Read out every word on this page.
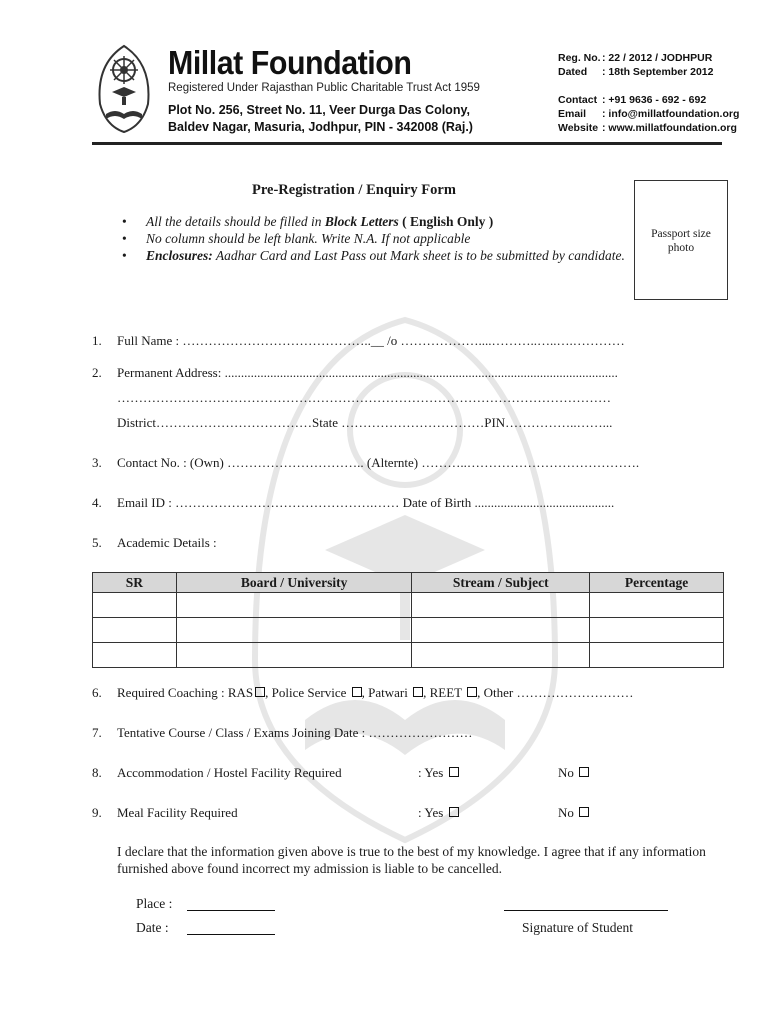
Millat Foundation
Registered Under Rajasthan Public Charitable Trust Act 1959
Plot No. 256, Street No. 11, Veer Durga Das Colony,
Baldev Nagar, Masuria, Jodhpur, PIN - 342008 (Raj.)
Reg. No. : 22 / 2012 / JODHPUR
Dated	: 18th September 2012
Contact : +91 9636 - 692 - 692
Email	: info@millatfoundation.org
Website : www.millatfoundation.org
Pre-Registration / Enquiry Form
• All the details should be filled in Block Letters ( English Only )
• No column should be left blank. Write N.A. If not applicable
• Enclosures: Aadhar Card and Last Pass out Mark sheet is to be submitted by candidate.
Passport size
photo
1. Full Name : ……………………………………..__ /o ………………....………..…..….…………
2. Permanent Address: .........................................................................................................................
……………………………………………………………………………………………………
District………………………………State ……………………………PIN……………..……...
3. Contact No. : (Own) ………………………….. (Alternte) ………..………………………………….
4. Email ID : ……………………………………….…… Date of Birth ...........................................
5. Academic Details :
SR	Board / University	Stream / Subject	Percentage

6. Required Coaching : RAS , Police Service , Patwari , REET , Other ………………………
7. Tentative Course / Class / Exams Joining Date : ……………………
8. Accommodation / Hostel Facility Required	: Yes	No
9. Meal Facility Required	: Yes	No
I declare that the information given above is true to the best of my knowledge. I agree that if any information furnished above found incorrect my admission is liable to be cancelled.
Place :
Date :	Signature of Student
